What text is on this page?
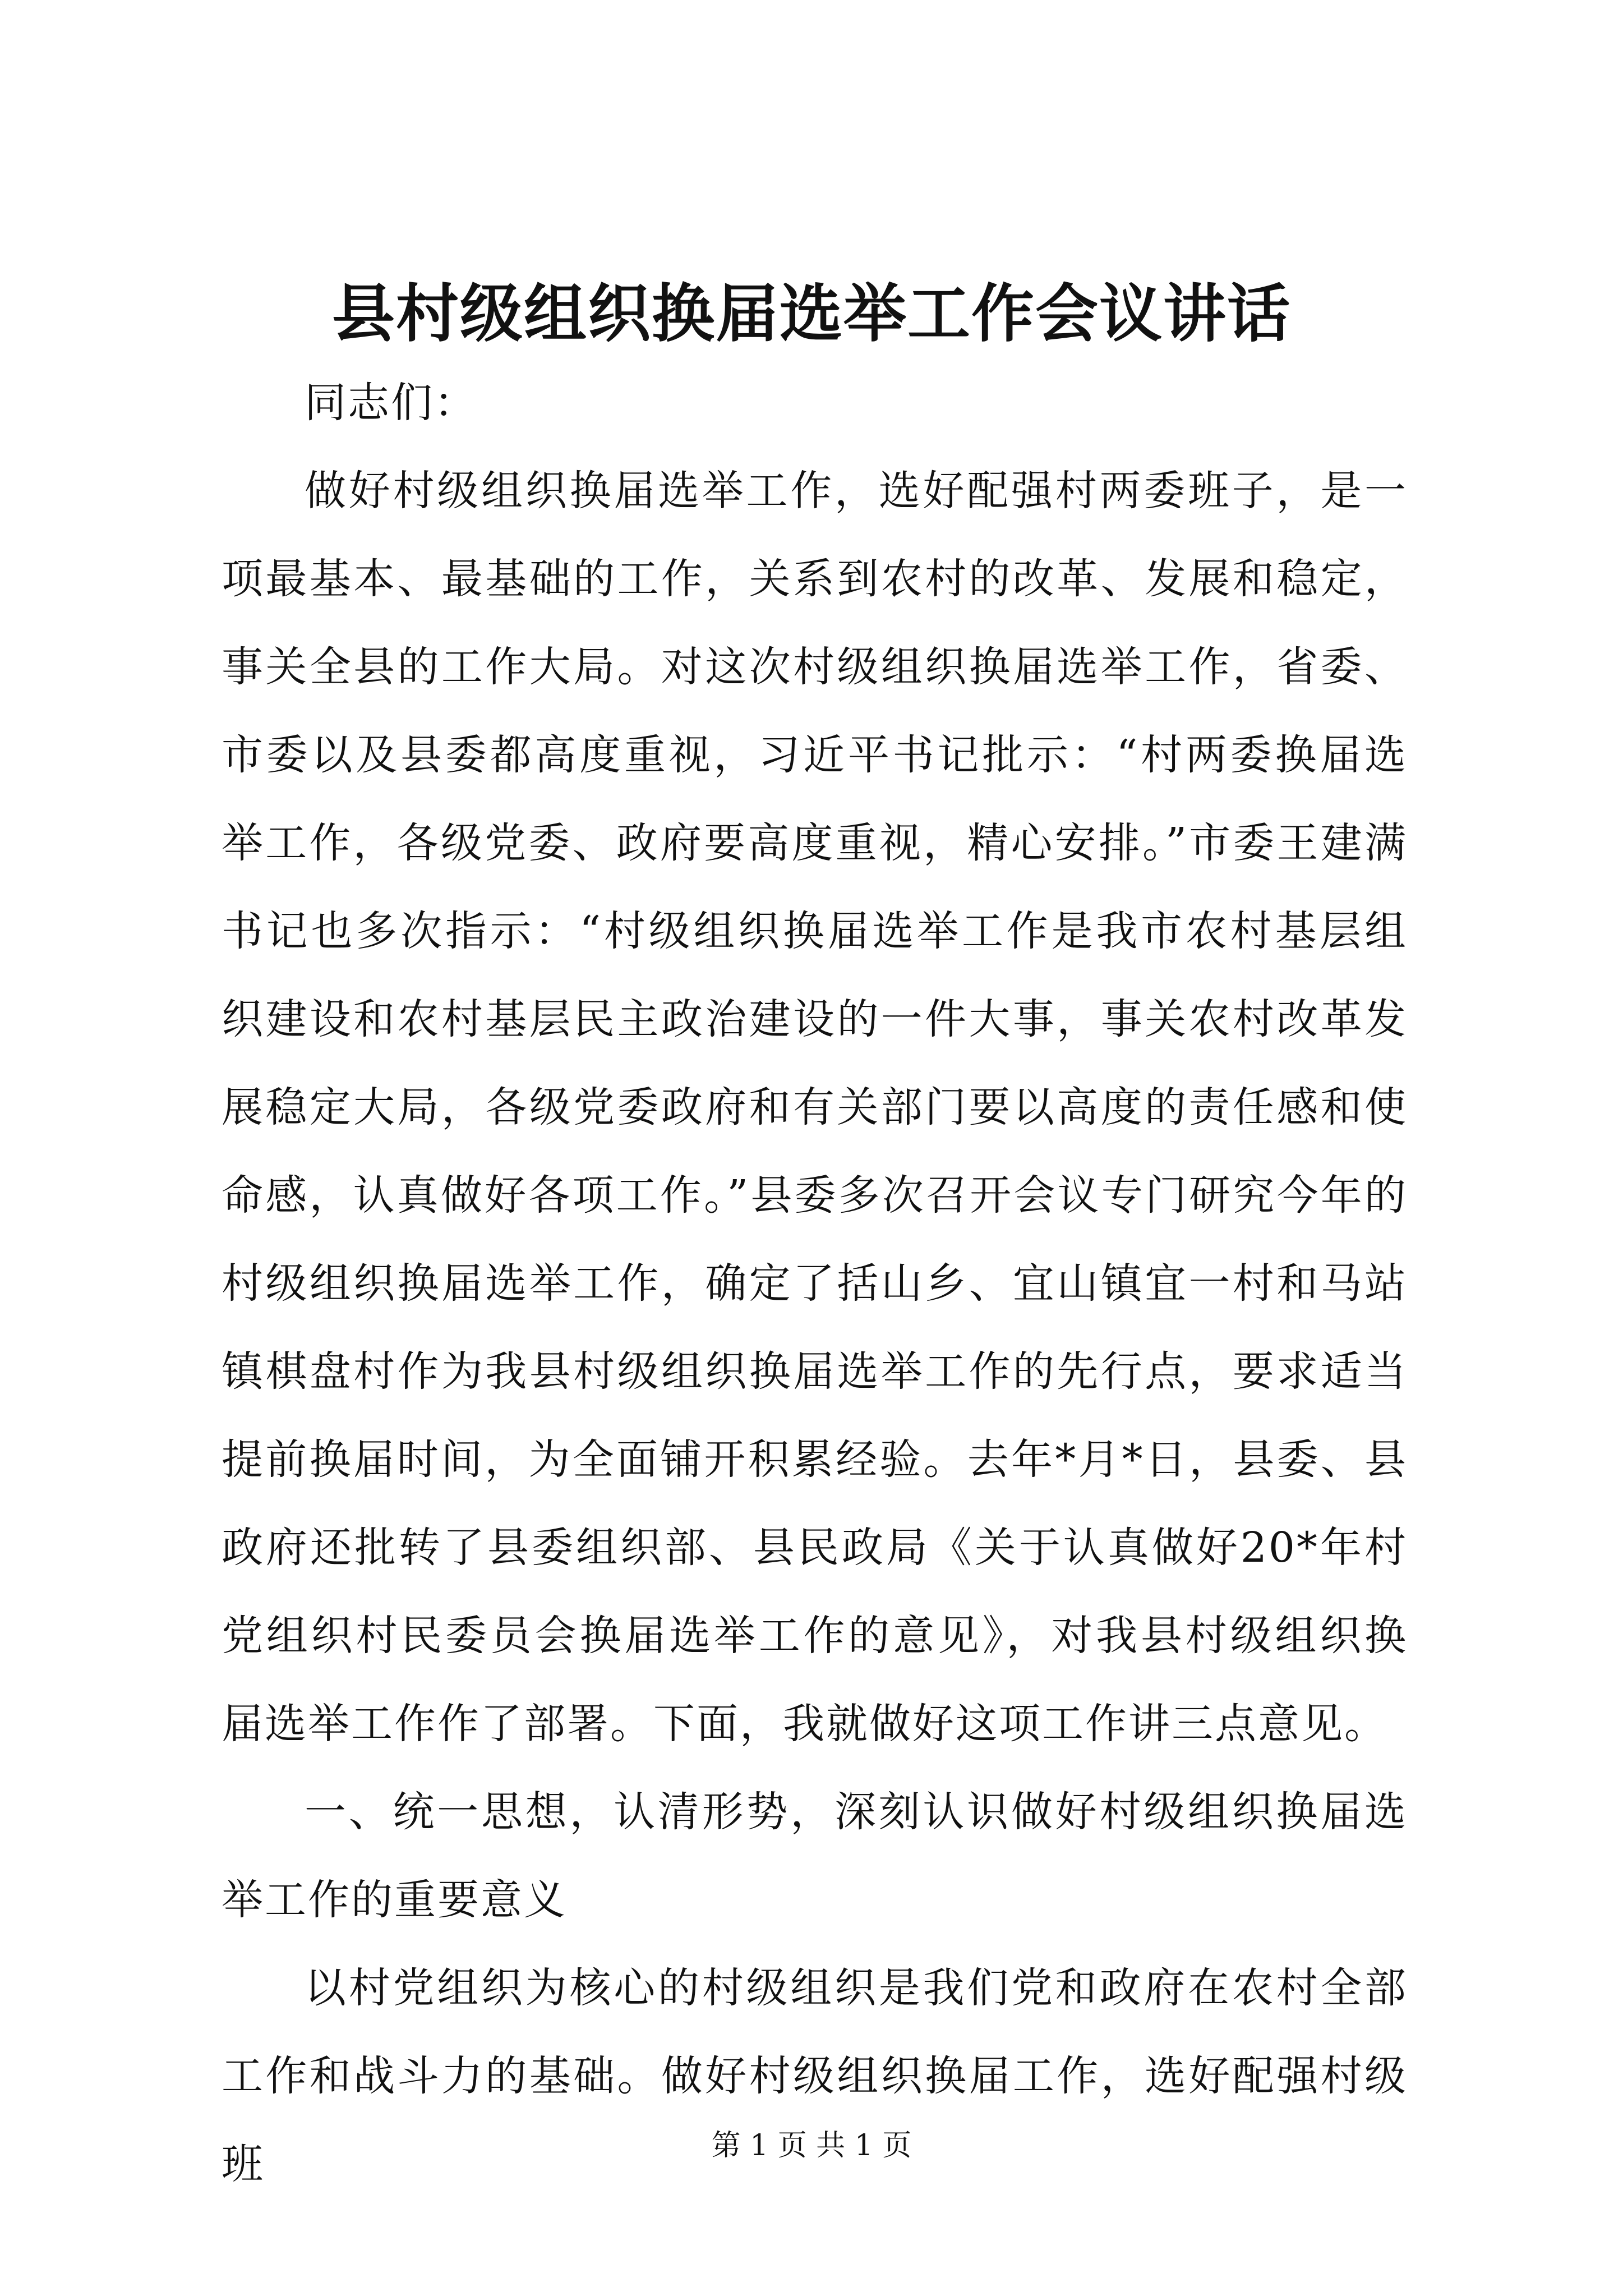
县村级组织换届选举工作会议讲话

同志们：

做好村级组织换届选举工作，选好配强村两委班子，是一项最基本、最基础的工作，关系到农村的改革、发展和稳定，事关全县的工作大局。对这次村级组织换届选举工作，省委、市委以及县委都高度重视，习近平书记批示：“村两委换届选举工作，各级党委、政府要高度重视，精心安排。”市委王建满书记也多次指示：“村级组织换届选举工作是我市农村基层组织建设和农村基层民主政治建设的一件大事，事关农村改革发展稳定大局，各级党委政府和有关部门要以高度的责任感和使命感，认真做好各项工作。”县委多次召开会议专门研究今年的村级组织换届选举工作，确定了括山乡、宜山镇宜一村和马站镇棋盘村作为我县村级组织换届选举工作的先行点，要求适当提前换届时间，为全面铺开积累经验。去年*月*日，县委、县政府还批转了县委组织部、县民政局《关于认真做好20*年村党组织村民委员会换届选举工作的意见》，对我县村级组织换届选举工作作了部署。下面，我就做好这项工作讲三点意见。

一、统一思想，认清形势，深刻认识做好村级组织换届选举工作的重要意义

以村党组织为核心的村级组织是我们党和政府在农村全部工作和战斗力的基础。做好村级组织换届工作，选好配强村级班	第 1 页 共 1 页
